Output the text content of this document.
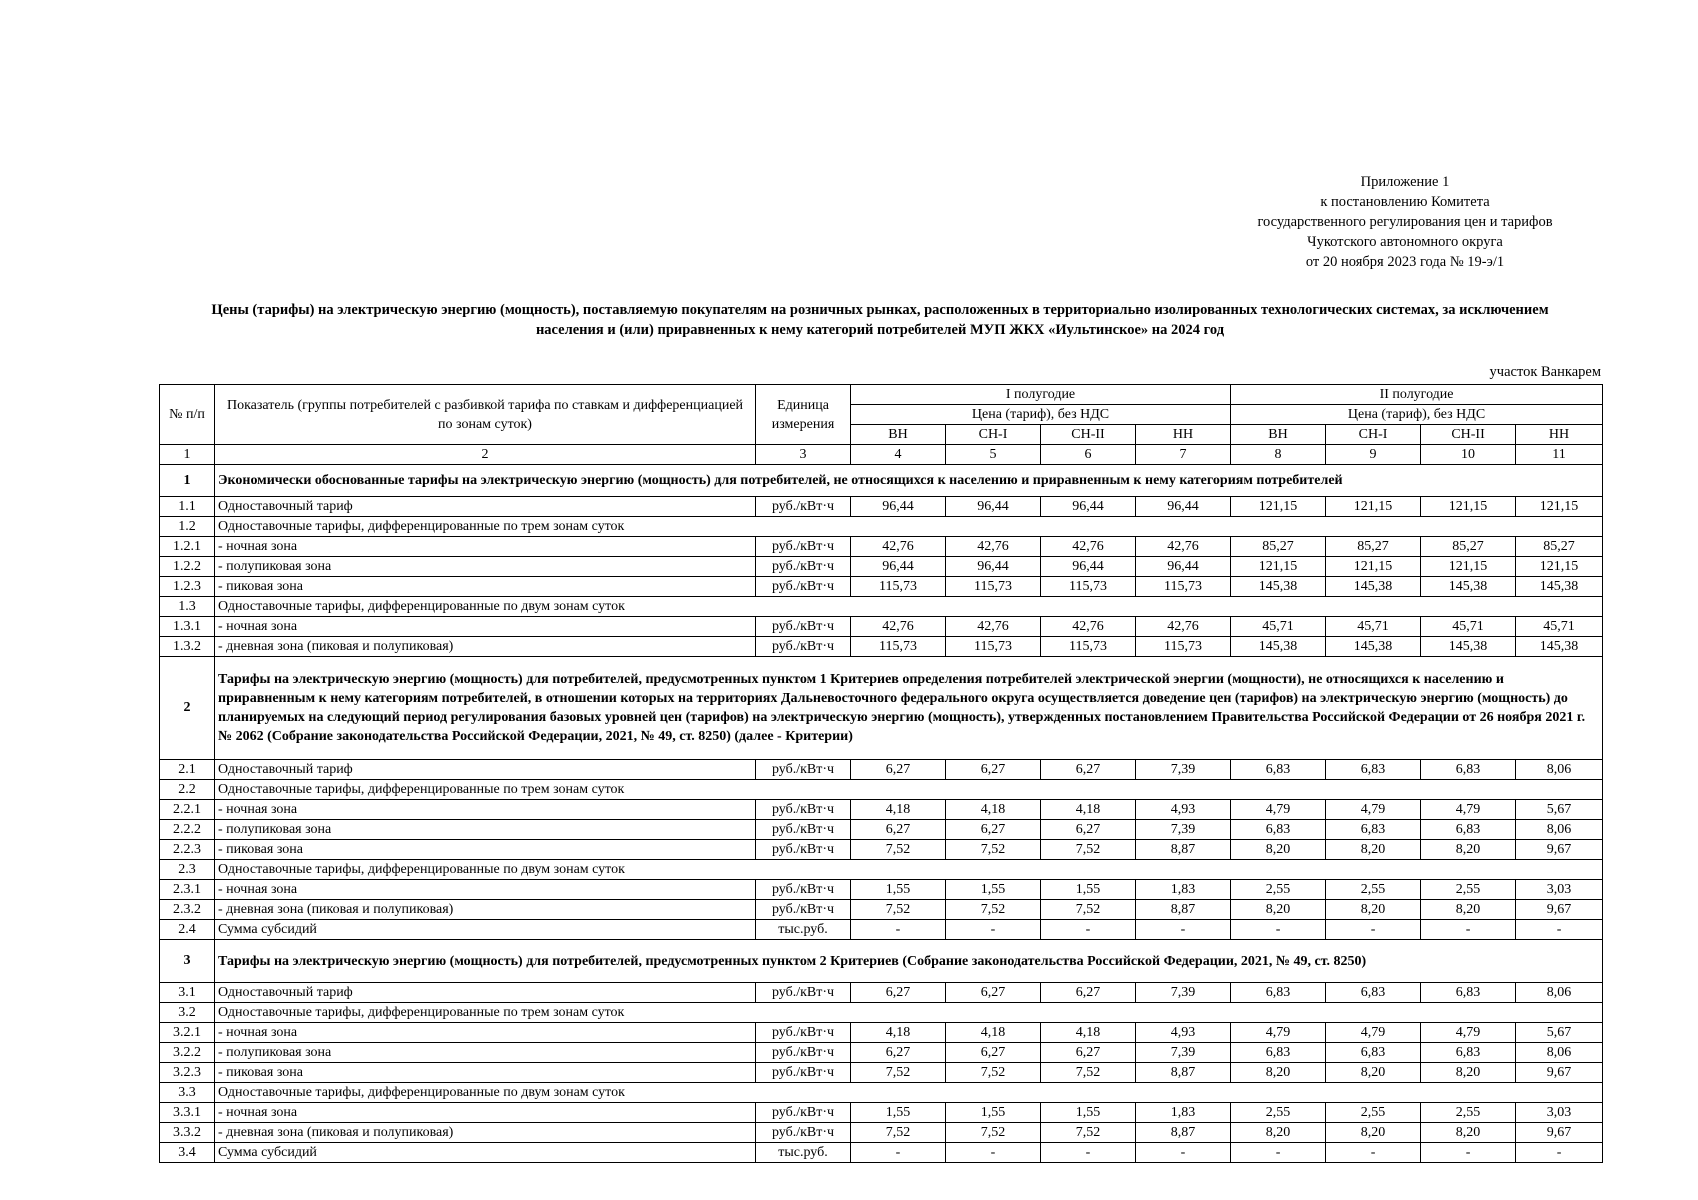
Приложение 1
к постановлению Комитета
государственного регулирования цен и тарифов
Чукотского автономного округа
от 20 ноября 2023 года № 19-э/1
Цены (тарифы) на электрическую энергию (мощность), поставляемую покупателям на розничных рынках, расположенных в территориально изолированных технологических системах, за исключением населения и (или) приравненных к нему категорий потребителей МУП ЖКХ «Иультинское» на 2024 год
участок Ванкарем
№ п/п	Показатель (группы потребителей с разбивкой тарифа по ставкам и дифференциацией по зонам суток)	Единица измерения	I полугодие				II полугодие			
			Цена (тариф), без НДС				Цена (тариф), без НДС			
			ВН	СН-I	СН-II	НН	ВН	СН-I	СН-II	НН
1	2	3	4	5	6	7	8	9	10	11
1	Экономически обоснованные тарифы на электрическую энергию (мощность) для потребителей, не относящихся к населению и приравненным к нему категориям потребителей									
1.1	Одноставочный тариф	руб./кВт·ч	96,44	96,44	96,44	96,44	121,15	121,15	121,15	121,15
1.2	Одноставочные тарифы, дифференцированные по трем зонам суток									
1.2.1	- ночная зона	руб./кВт·ч	42,76	42,76	42,76	42,76	85,27	85,27	85,27	85,27
1.2.2	- полупиковая зона	руб./кВт·ч	96,44	96,44	96,44	96,44	121,15	121,15	121,15	121,15
1.2.3	- пиковая зона	руб./кВт·ч	115,73	115,73	115,73	115,73	145,38	145,38	145,38	145,38
1.3	Одноставочные тарифы, дифференцированные по двум зонам суток									
1.3.1	- ночная зона	руб./кВт·ч	42,76	42,76	42,76	42,76	45,71	45,71	45,71	45,71
1.3.2	- дневная зона (пиковая и полупиковая)	руб./кВт·ч	115,73	115,73	115,73	115,73	145,38	145,38	145,38	145,38
2	Тарифы на электрическую энергию (мощность) для потребителей, предусмотренных пунктом 1 Критериев определения потребителей электрической энергии (мощности), не относящихся к населению и приравненным к нему категориям потребителей, в отношении которых на территориях Дальневосточного федерального округа осуществляется доведение цен (тарифов) на электрическую энергию (мощность) до планируемых на следующий период регулирования базовых уровней цен (тарифов) на электрическую энергию (мощность), утвержденных постановлением Правительства Российской Федерации от 26 ноября 2021 г. № 2062 (Собрание законодательства Российской Федерации, 2021, № 49, ст. 8250) (далее - Критерии)									
2.1	Одноставочный тариф	руб./кВт·ч	6,27	6,27	6,27	7,39	6,83	6,83	6,83	8,06
2.2	Одноставочные тарифы, дифференцированные по трем зонам суток									
2.2.1	- ночная зона	руб./кВт·ч	4,18	4,18	4,18	4,93	4,79	4,79	4,79	5,67
2.2.2	- полупиковая зона	руб./кВт·ч	6,27	6,27	6,27	7,39	6,83	6,83	6,83	8,06
2.2.3	- пиковая зона	руб./кВт·ч	7,52	7,52	7,52	8,87	8,20	8,20	8,20	9,67
2.3	Одноставочные тарифы, дифференцированные по двум зонам суток									
2.3.1	- ночная зона	руб./кВт·ч	1,55	1,55	1,55	1,83	2,55	2,55	2,55	3,03
2.3.2	- дневная зона (пиковая и полупиковая)	руб./кВт·ч	7,52	7,52	7,52	8,87	8,20	8,20	8,20	9,67
2.4	Сумма субсидий	тыс.руб.	-	-	-	-	-	-	-	-
3	Тарифы на электрическую энергию (мощность) для потребителей, предусмотренных пунктом 2 Критериев (Собрание законодательства Российской Федерации, 2021, № 49, ст. 8250)									
3.1	Одноставочный тариф	руб./кВт·ч	6,27	6,27	6,27	7,39	6,83	6,83	6,83	8,06
3.2	Одноставочные тарифы, дифференцированные по трем зонам суток									
3.2.1	- ночная зона	руб./кВт·ч	4,18	4,18	4,18	4,93	4,79	4,79	4,79	5,67
3.2.2	- полупиковая зона	руб./кВт·ч	6,27	6,27	6,27	7,39	6,83	6,83	6,83	8,06
3.2.3	- пиковая зона	руб./кВт·ч	7,52	7,52	7,52	8,87	8,20	8,20	8,20	9,67
3.3	Одноставочные тарифы, дифференцированные по двум зонам суток									
3.3.1	- ночная зона	руб./кВт·ч	1,55	1,55	1,55	1,83	2,55	2,55	2,55	3,03
3.3.2	- дневная зона (пиковая и полупиковая)	руб./кВт·ч	7,52	7,52	7,52	8,87	8,20	8,20	8,20	9,67
3.4	Сумма субсидий	тыс.руб.	-	-	-	-	-	-	-	-
